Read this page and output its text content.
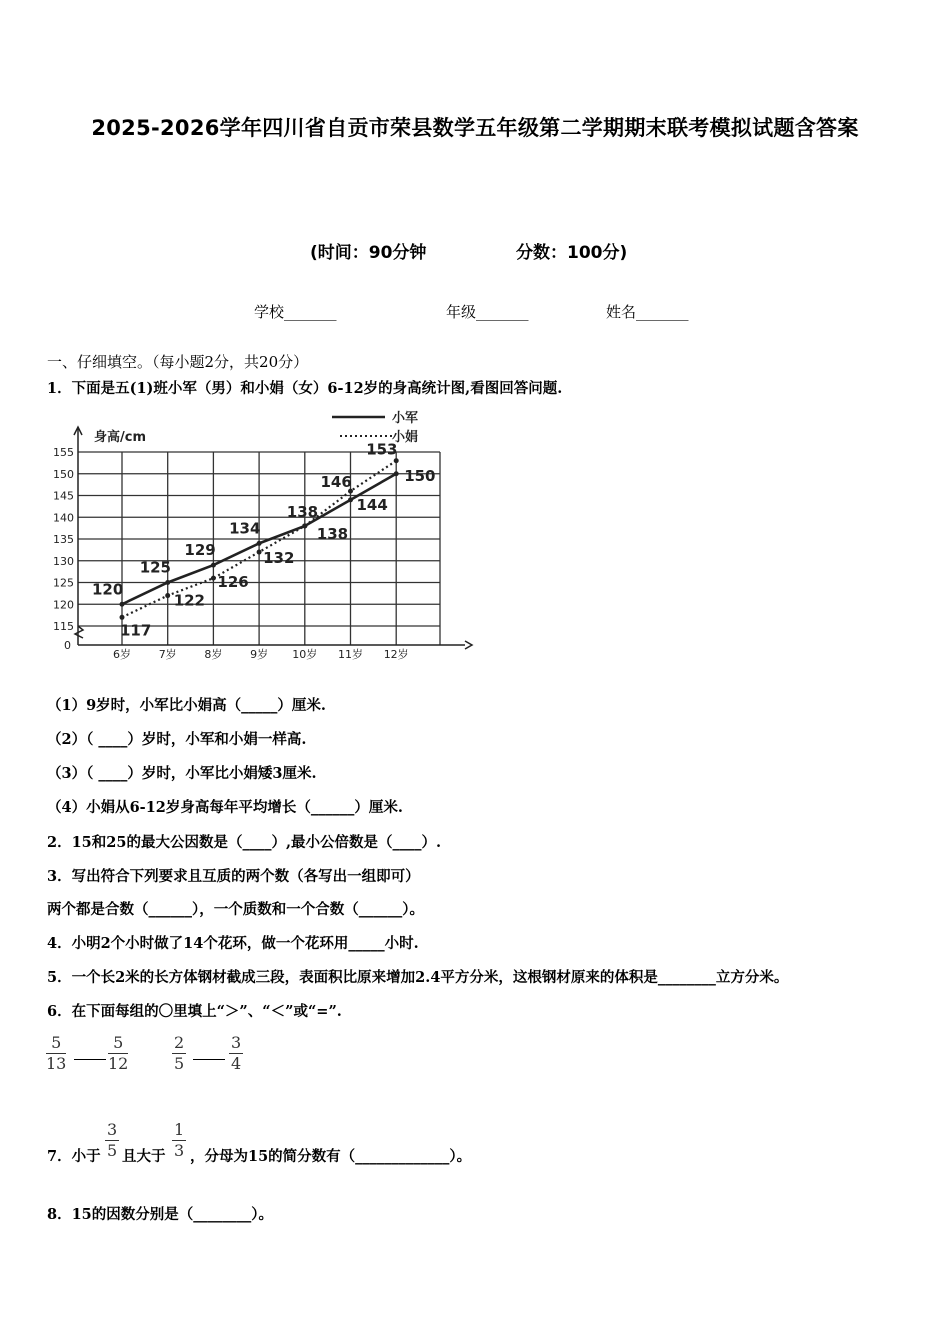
2025-2026学年四川省自贡市荣县数学五年级第二学期期末联考模拟试题含答案
(时间：90分钟	分数：100分)
学校_______	年级_______	姓名_______
一、仔细填空。（每小题2分，共20分）
1．下面是五(1)班小军（男）和小娟（女）6-12岁的身高统计图,看图回答问题.
115
120
125
130
135
140
145
150
155
0
身高/cm
6岁	7岁	8岁	9岁 10岁 11岁 12岁
小军
小娟
120
125
129
134
138	144
150
117
122
126
132
138
146
153
（1）9岁时，小军比小娟高（_____）厘米.
（2）（ ____）岁时，小军和小娟一样高.
（3）（ ____）岁时，小军比小娟矮3厘米.
（4）小娟从6-12岁身高每年平均增长（______）厘米.
2．15和25的最大公因数是（____）,最小公倍数是（____）.
3．写出符合下列要求且互质的两个数（各写出一组即可）
两个都是合数（______），一个质数和一个合数（______）。
4．小明2个小时做了14个花环，做一个花环用_____小时.
5．一个长2米的长方体钢材截成三段，表面积比原来增加2.4平方分米，这根钢材原来的体积是________立方分米。
6．在下面每组的〇里填上“＞”、“＜”或“=”.
$\frac{5}{13}$	$\frac{5}{12}$	$\frac{2}{5}$	$\frac{3}{4}$
7．小于 $\frac{3}{5}$ 且大于 $\frac{1}{3}$ ，分母为15的简分数有（_____________）。
8．15的因数分别是（________）。
